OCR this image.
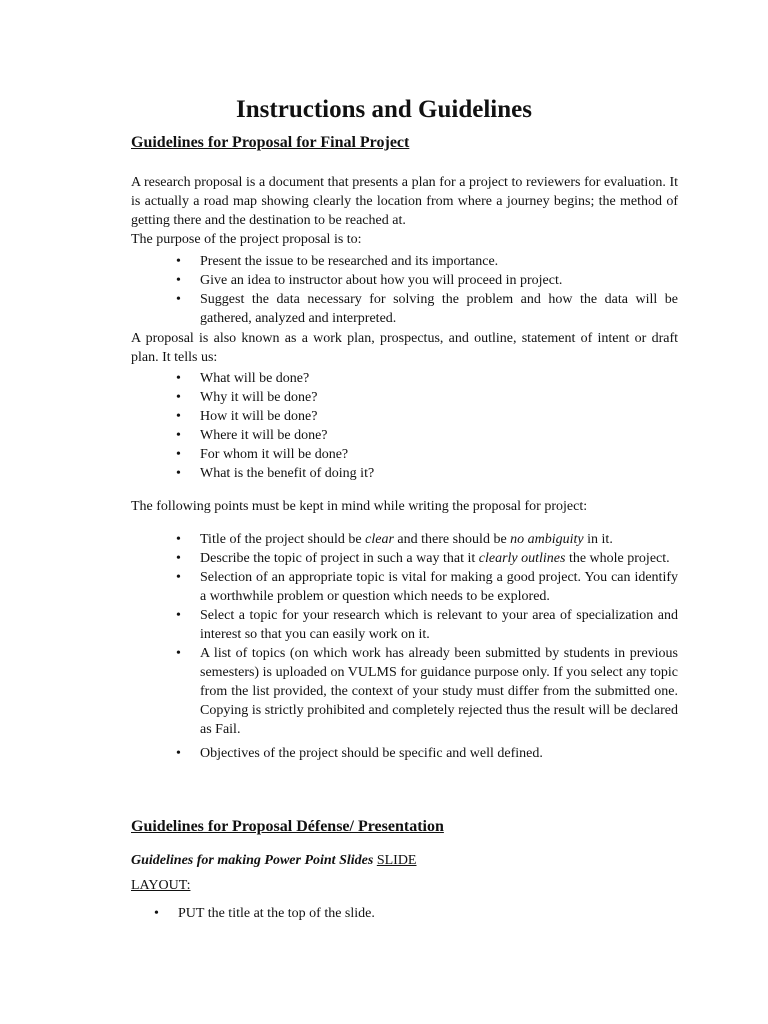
Instructions and Guidelines
Guidelines for Proposal for Final Project
A research proposal is a document that presents a plan for a project to reviewers for evaluation. It is actually a road map showing clearly the location from where a journey begins; the method of getting there and the destination to be reached at.
The purpose of the project proposal is to:
• Present the issue to be researched and its importance.
• Give an idea to instructor about how you will proceed in project.
• Suggest the data necessary for solving the problem and how the data will be gathered, analyzed and interpreted.
A proposal is also known as a work plan, prospectus, and outline, statement of intent or draft plan. It tells us:
• What will be done?
• Why it will be done?
• How it will be done?
• Where it will be done?
• For whom it will be done?
• What is the benefit of doing it?
The following points must be kept in mind while writing the proposal for project:
• Title of the project should be clear and there should be no ambiguity in it.
• Describe the topic of project in such a way that it clearly outlines the whole project.
• Selection of an appropriate topic is vital for making a good project. You can identify a worthwhile problem or question which needs to be explored.
• Select a topic for your research which is relevant to your area of specialization and interest so that you can easily work on it.
• A list of topics (on which work has already been submitted by students in previous semesters) is uploaded on VULMS for guidance purpose only. If you select any topic from the list provided, the context of your study must differ from the submitted one. Copying is strictly prohibited and completely rejected thus the result will be declared as Fail.
• Objectives of the project should be specific and well defined.
Guidelines for Proposal Défense/ Presentation
Guidelines for making Power Point Slides SLIDE
LAYOUT:
• PUT the title at the top of the slide.
